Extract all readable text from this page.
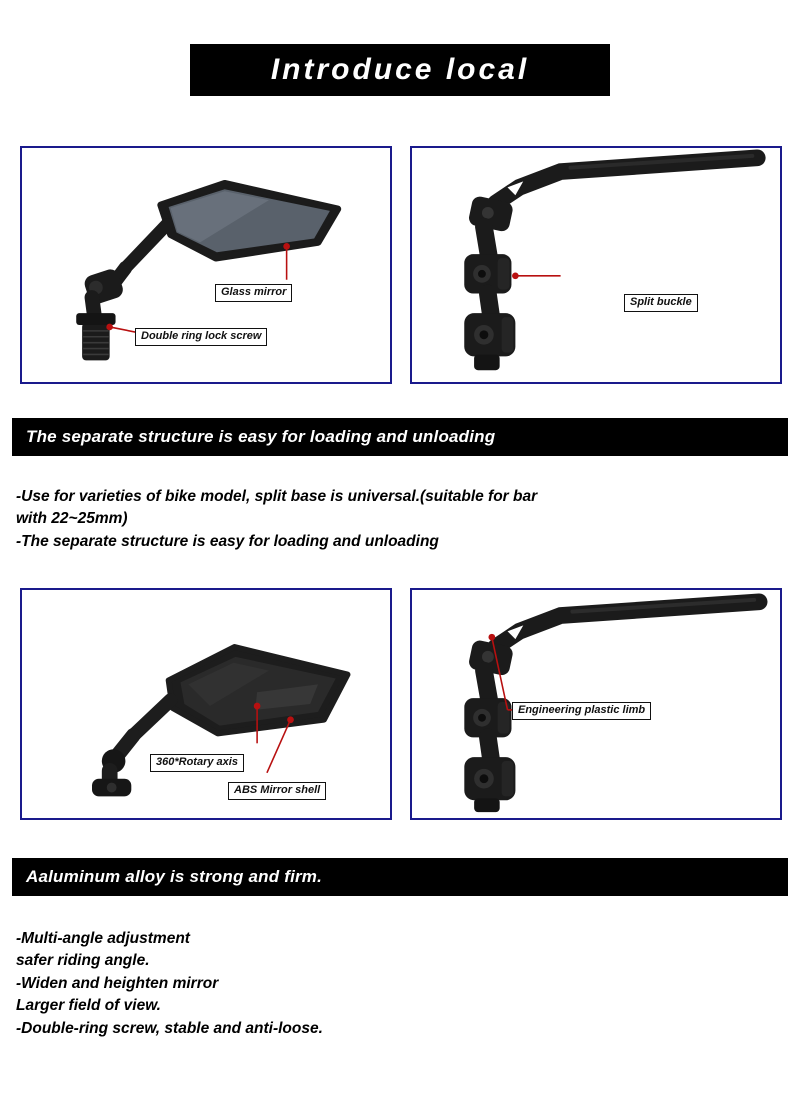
Introduce local
Glass mirror
Double ring lock screw
Split buckle
The separate structure is easy for loading and unloading

-Use for varieties of bike model, split base is universal.(suitable for bar

with 22~25mm)

-The separate structure is easy for loading and unloading

360*Rotary axis
ABS Mirror shell
Engineering plastic limb
Aaluminum alloy is strong and firm.

-Multi-angle adjustment

safer riding angle.

-Widen and heighten mirror

Larger field of view.

-Double-ring screw, stable and anti-loose.
